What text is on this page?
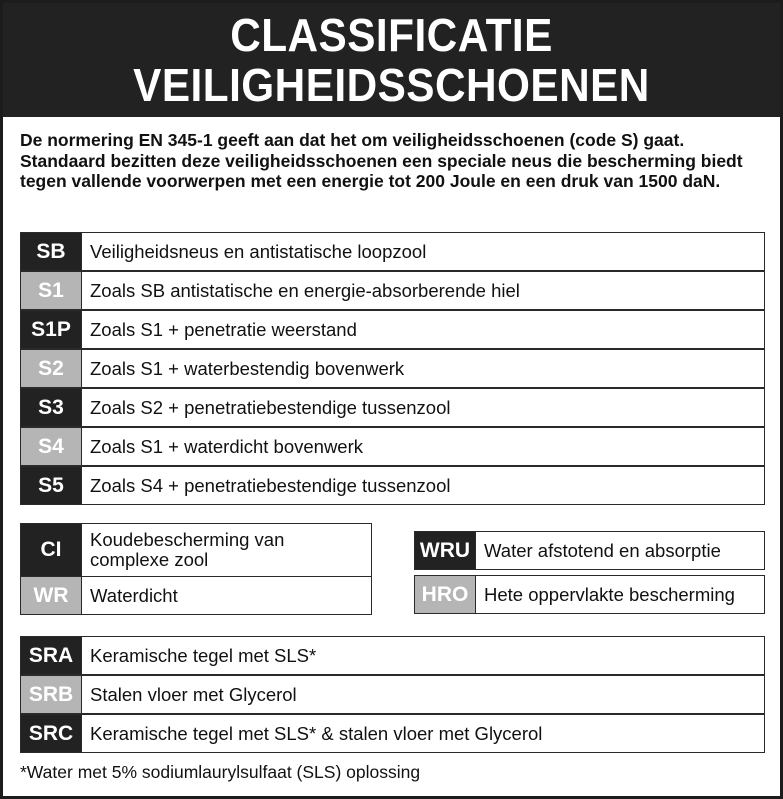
CLASSIFICATIE
VEILIGHEIDSSCHOENEN
De normering EN 345-1 geeft aan dat het om veiligheidsschoenen (code S) gaat. Standaard bezitten deze veiligheidsschoenen een speciale neus die bescherming biedt tegen vallende voorwerpen met een energie tot 200 Joule en een druk van 1500 daN.
SB	Veiligheidsneus en antistatische loopzool
S1	Zoals SB antistatische en energie-absorberende hiel
S1P	Zoals S1 + penetratie weerstand
S2	Zoals S1 + waterbestendig bovenwerk
S3	Zoals S2 + penetratiebestendige tussenzool
S4	Zoals S1 + waterdicht bovenwerk
S5	Zoals S4 + penetratiebestendige tussenzool
CI	Koudebescherming van complexe zool
WR	Waterdicht
WRU Water afstotend en absorptie
HRO Hete oppervlakte bescherming
SRA Keramische tegel met SLS*
SRB Stalen vloer met Glycerol
SRC Keramische tegel met SLS* & stalen vloer met Glycerol
*Water met 5% sodiumlaurylsulfaat (SLS) oplossing
